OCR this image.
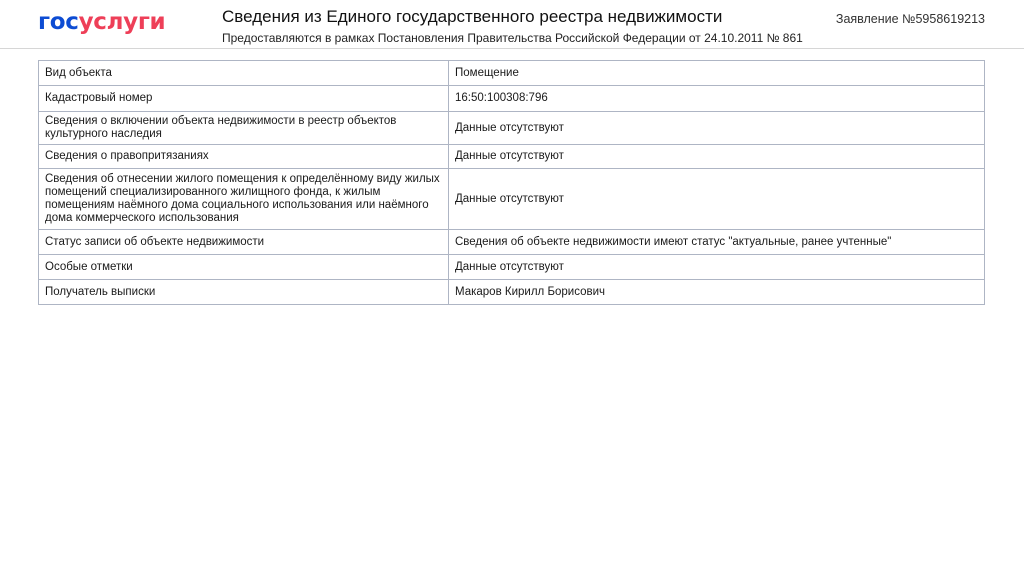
госуслуги	Сведения из Единого государственного реестра недвижимости
Предоставляются в рамках Постановления Правительства Российской Федерации от 24.10.2011 № 861
Заявление №5958619213
Вид объекта	Помещение
Кадастровый номер	16:50:100308:796
Сведения о включении объекта недвижимости в реестр объектов культурного наследия	Данные отсутствуют
Сведения о правопритязаниях	Данные отсутствуют
Сведения об отнесении жилого помещения к определённому виду жилых помещений специализированного жилищного фонда, к жилым помещениям наёмного дома социального использования или наёмного дома коммерческого использования	Данные отсутствуют
Статус записи об объекте недвижимости	Сведения об объекте недвижимости имеют статус "актуальные, ранее учтенные"
Особые отметки	Данные отсутствуют
Получатель выписки	Макаров Кирилл Борисович
